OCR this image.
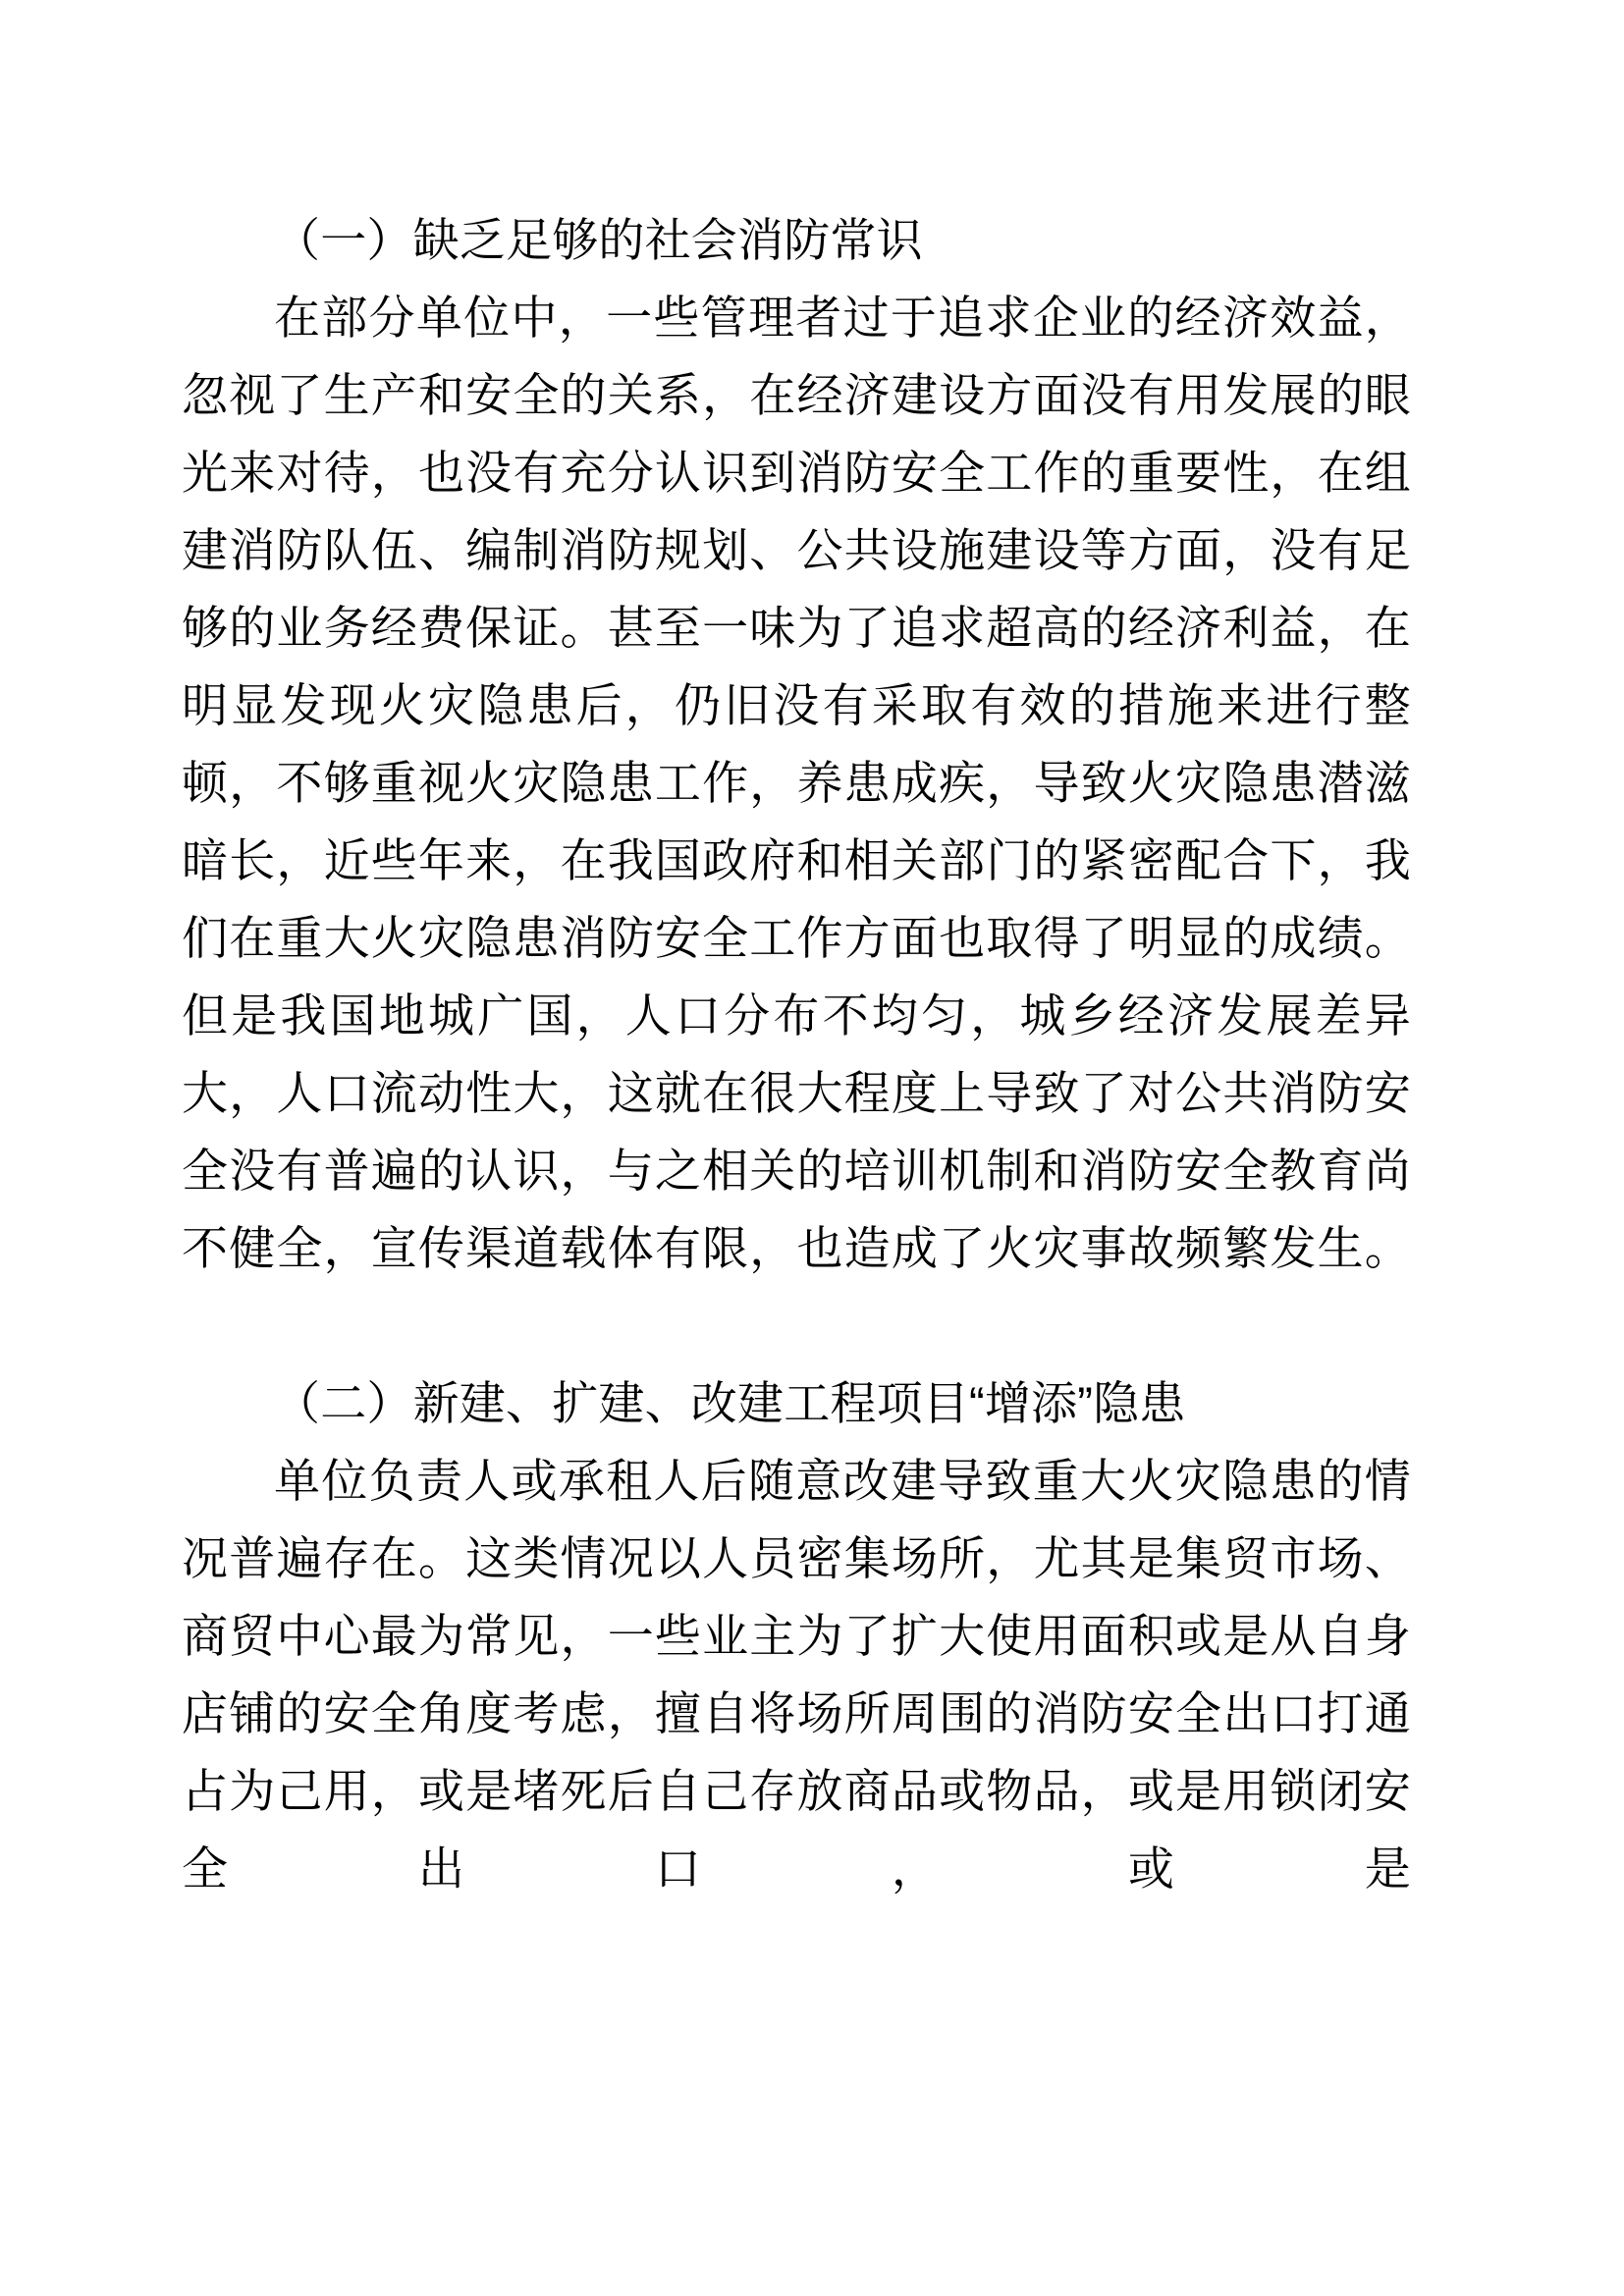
（一）缺乏足够的社会消防常识

在部分单位中，一些管理者过于追求企业的经济效益，忽视了生产和安全的关系，在经济建设方面没有用发展的眼光来对待，也没有充分认识到消防安全工作的重要性，在组建消防队伍、编制消防规划、公共设施建设等方面，没有足够的业务经费保证。甚至一味为了追求超高的经济利益，在明显发现火灾隐患后，仍旧没有采取有效的措施来进行整顿，不够重视火灾隐患工作，养患成疾，导致火灾隐患潜滋暗长，近些年来，在我国政府和相关部门的紧密配合下，我们在重大火灾隐患消防安全工作方面也取得了明显的成绩。但是我国地城广国，人口分布不均匀，城乡经济发展差异大，人口流动性大，这就在很大程度上导致了对公共消防安全没有普遍的认识，与之相关的培训机制和消防安全教育尚不健全，宣传渠道载体有限，也造成了火灾事故频繁发生。

（二）新建、扩建、改建工程项目“增添”隐患

单位负责人或承租人后随意改建导致重大火灾隐患的情况普遍存在。这类情况以人员密集场所，尤其是集贸市场、商贸中心最为常见，一些业主为了扩大使用面积或是从自身店铺的安全角度考虑，擅自将场所周围的消防安全出口打通占为己用，或是堵死后自己存放商品或物品，或是用锁闭安全出口，或是
